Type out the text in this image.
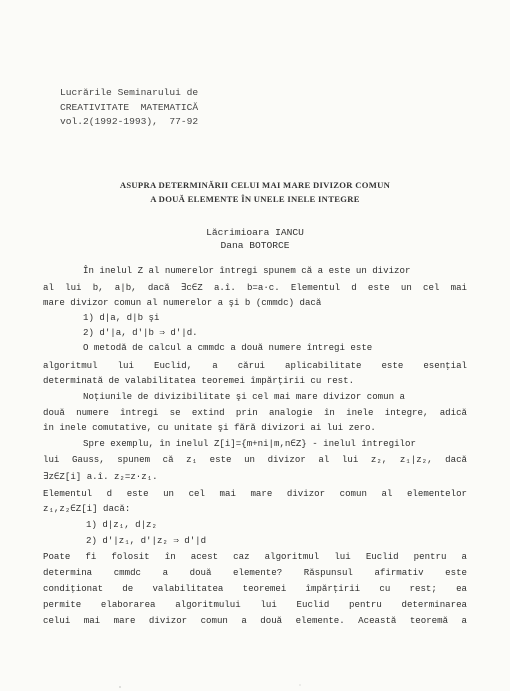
Lucrările Seminarului de
CREATIVITATE  MATEMATICĂ
vol.2(1992-1993),  77-92
ASUPRA DETERMINĂRII CELUI MAI MARE DIVIZOR COMUN
A DOUĂ ELEMENTE ÎN UNELE INELE INTEGRE
Lăcrimioara IANCU
Dana BOTORCE
În inelul Z al numerelor întregi spunem că a este un divizor
al lui b, a|b, dacă ∃c∈Z a.î. b=a·c. Elementul d este un cel mai
mare divizor comun al numerelor a şi b (cmmdc) dacă
1) d|a, d|b şi
2) d'|a, d'|b ⇒ d'|d.
O metodă de calcul a cmmdc a două numere întregi este
algoritmul lui Euclid, a cărui aplicabilitate este esenţial
determinată de valabilitatea teoremei împărţirii cu rest.
Noţiunile de divizibilitate şi cel mai mare divizor comun a
două numere întregi se extind prin analogie în inele integre, adică
în inele comutative, cu unitate şi fără divizori ai lui zero.
Spre exemplu, în inelul Z[i]={m+ni|m,n∈Z} - inelul întregilor
lui Gauss, spunem că z₁ este un divizor al lui z₂, z₁|z₂, dacă
∃z∈Z[i] a.î. z₂=z·z₁.
Elementul d este un cel mai mare divizor comun al elementelor
z₁,z₂∈Z[i] dacă:
1) d|z₁, d|z₂
2) d'|z₁, d'|z₂ ⇒ d'|d
Poate fi folosit în acest caz algoritmul lui Euclid pentru a
determina cmmdc a două elemente? Răspunsul afirmativ este
condiţionat de valabilitatea teoremei împărţirii cu rest; ea
permite elaborarea algoritmului lui Euclid pentru determinarea
celui mai mare divizor comun a două elemente. Această teoremă a
